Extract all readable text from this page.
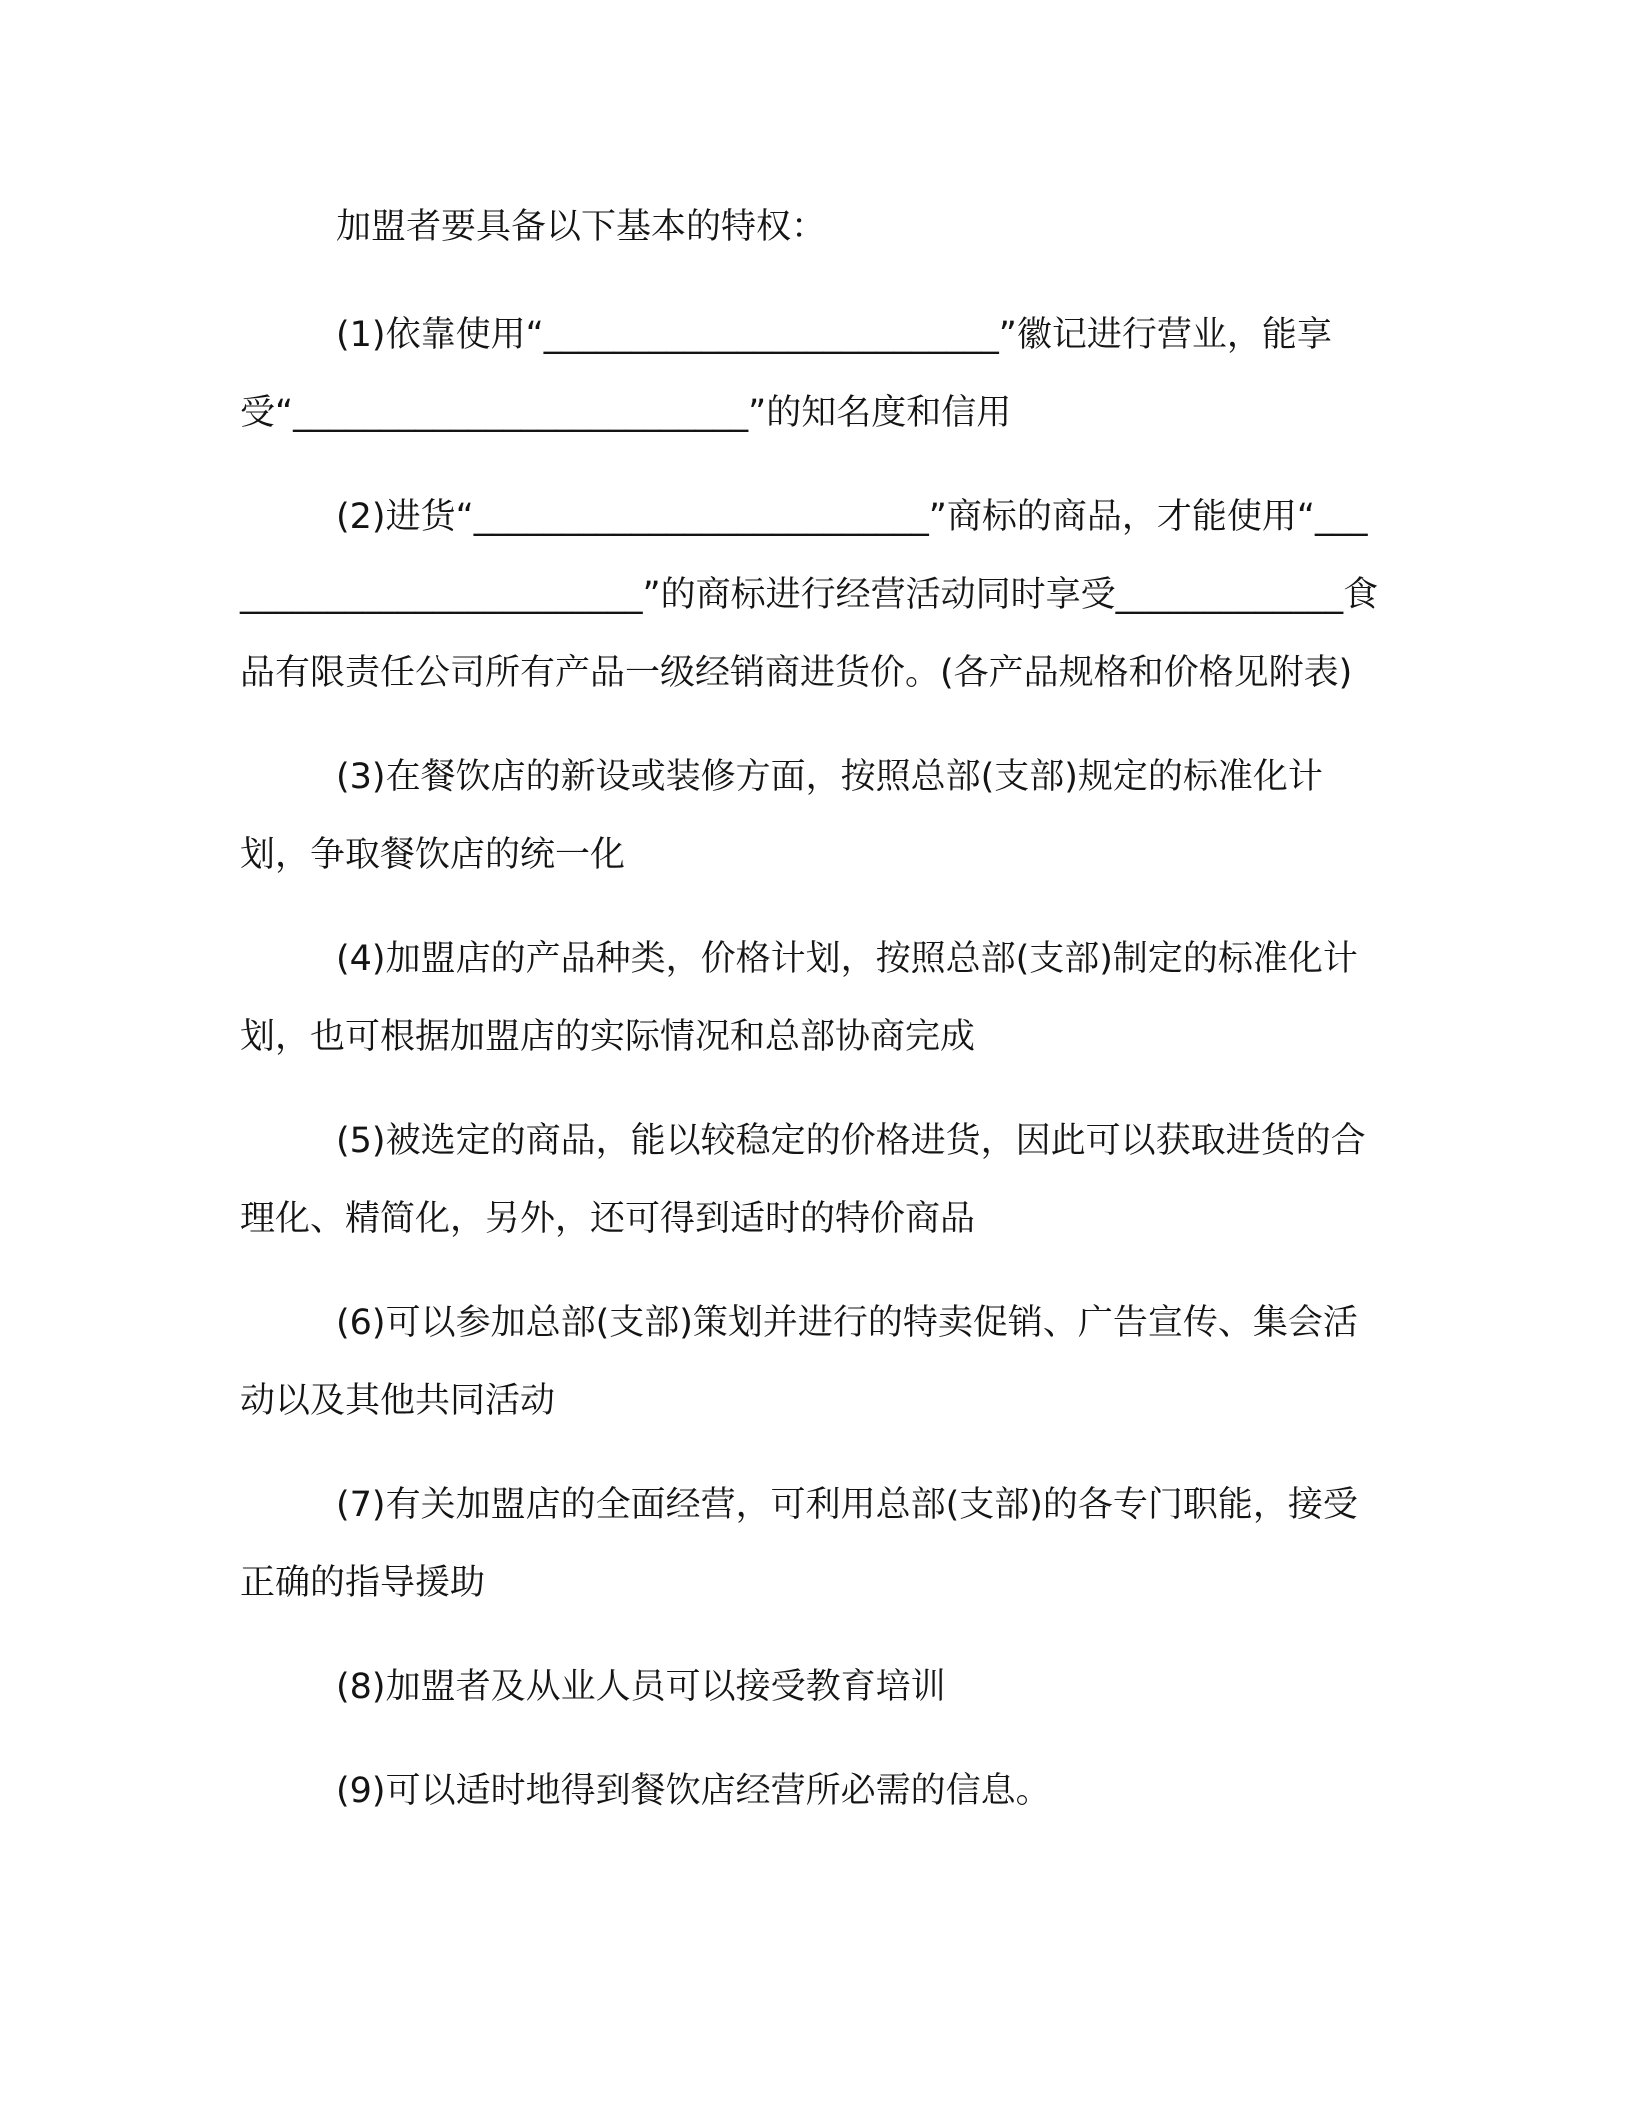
加盟者要具备以下基本的特权：

(1)依靠使用“__________________________”徽记进行营业，能享受“__________________________”的知名度和信用

(2)进货“__________________________”商标的商品，才能使用“__________________________”的商标进行经营活动同时享受_____________食品有限责任公司所有产品一级经销商进货价。(各产品规格和价格见附表)

(3)在餐饮店的新设或装修方面，按照总部(支部)规定的标准化计划，争取餐饮店的统一化

(4)加盟店的产品种类，价格计划，按照总部(支部)制定的标准化计划，也可根据加盟店的实际情况和总部协商完成

(5)被选定的商品，能以较稳定的价格进货，因此可以获取进货的合理化、精简化，另外，还可得到适时的特价商品

(6)可以参加总部(支部)策划并进行的特卖促销、广告宣传、集会活动以及其他共同活动

(7)有关加盟店的全面经营，可利用总部(支部)的各专门职能，接受正确的指导援助

(8)加盟者及从业人员可以接受教育培训

(9)可以适时地得到餐饮店经营所必需的信息。
